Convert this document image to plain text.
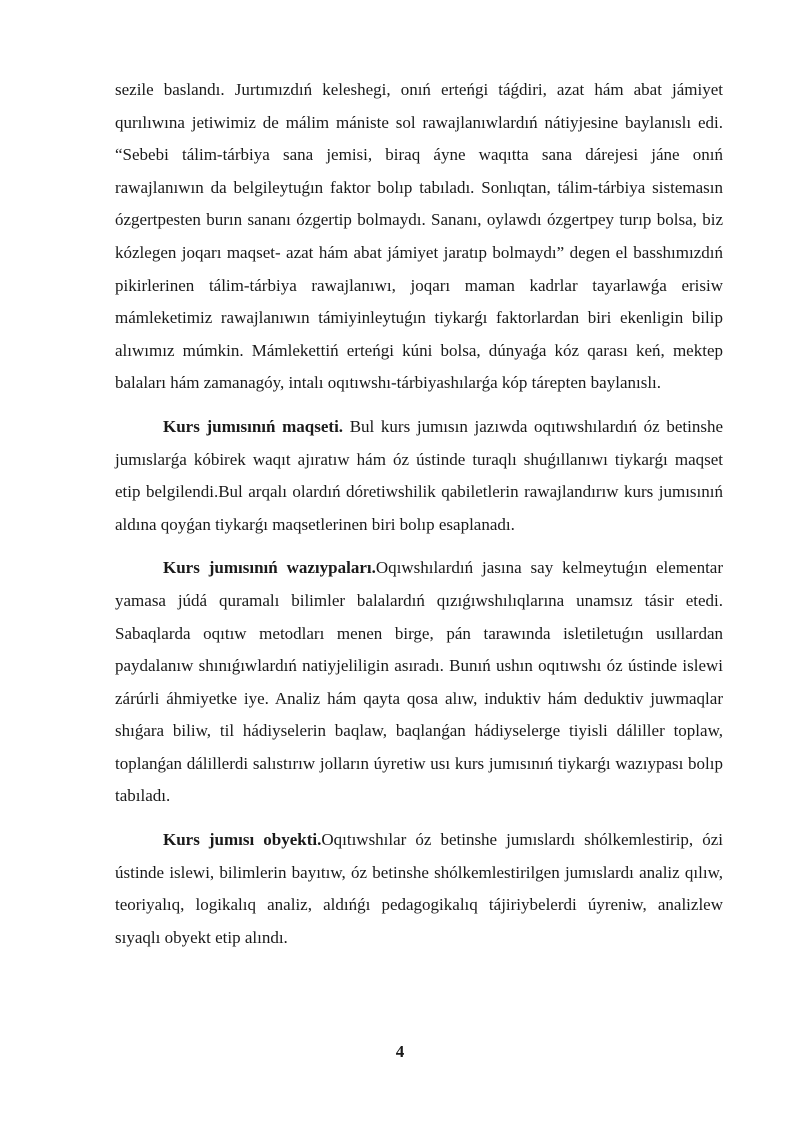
sezile baslandı. Jurtımızdıń keleshegi, onıń erteńgi táǵdiri, azat hám abat jámiyet qurılıwına jetiwimiz de málim mániste sol rawajlanıwlardıń nátiyjesine baylanıslı edi. “Sebebi tálim-tárbiya sana jemisi, biraq áyne waqıtta sana dárejesi jáne onıń rawajlanıwın da belgileytuǵın faktor bolıp tabıladı. Sonlıqtan, tálim-tárbiya sistemasın ózgertpesten burın sananı ózgertip bolmaydı. Sananı, oylawdı ózgertpey turıp bolsa, biz kózlegen joqarı maqset- azat hám abat jámiyet jaratıp bolmaydı” degen el basshımızdıń pikirlerinen tálim-tárbiya rawajlanıwı, joqarı maman kadrlar tayarlawǵa erisiw mámleketimiz rawajlanıwın támiyinleytuǵın tiykarǵı faktorlardan biri ekenligin bilip alıwımız múmkin. Mámlekettiń erteńgi kúni bolsa, dúnyaǵa kóz qarası keń, mektep balaları hám zamanagóy, intalı oqıtıwshı-tárbiyashılarǵa kóp tárepten baylanıslı.

Kurs jumısınıń maqseti. Bul kurs jumısın jazıwda oqıtıwshılardıń óz betinshe jumıslarǵa kóbirek waqıt ajıratıw hám óz ústinde turaqlı shuǵıllanıwı tiykarǵı maqset etip belgilendi.Bul arqalı olardıń dóretiwshilik qabiletlerin rawajlandırıw kurs jumısınıń aldına qoyǵan tiykarǵı maqsetlerinen biri bolıp esaplanadı.

Kurs jumısınıń wazıypaları.Oqıwshılardıń jasına say kelmeytuǵın elementar yamasa júdá quramalı bilimler balalardıń qızıǵıwshılıqlarına unamsız tásir etedi. Sabaqlarda oqıtıw metodları menen birge, pán tarawında isletiletuǵın usıllardan paydalanıw shınıǵıwlardıń natiyjeliligin asıradı. Bunıń ushın oqıtıwshı óz ústinde islewi zárúrli áhmiyetke iye. Analiz hám qayta qosa alıw, induktiv hám deduktiv juwmaqlar shıǵara biliw, til hádiyselerin baqlaw, baqlanǵan hádiyselerge tiyisli dáliller toplaw, toplanǵan dálillerdi salıstırıw jolların úyretiw usı kurs jumısınıń tiykarǵı wazıypası bolıp tabıladı.

Kurs jumısı obyekti.Oqıtıwshılar óz betinshe jumıslardı shólkemlestirip, ózi ústinde islewi, bilimlerin bayıtıw, óz betinshe shólkemlestirilgen jumıslardı analiz qılıw, teoriyalıq, logikalıq analiz, aldıńǵı pedagogikalıq tájiriybelerdi úyreniw, analizlew sıyaqlı obyekt etip alındı.

4
